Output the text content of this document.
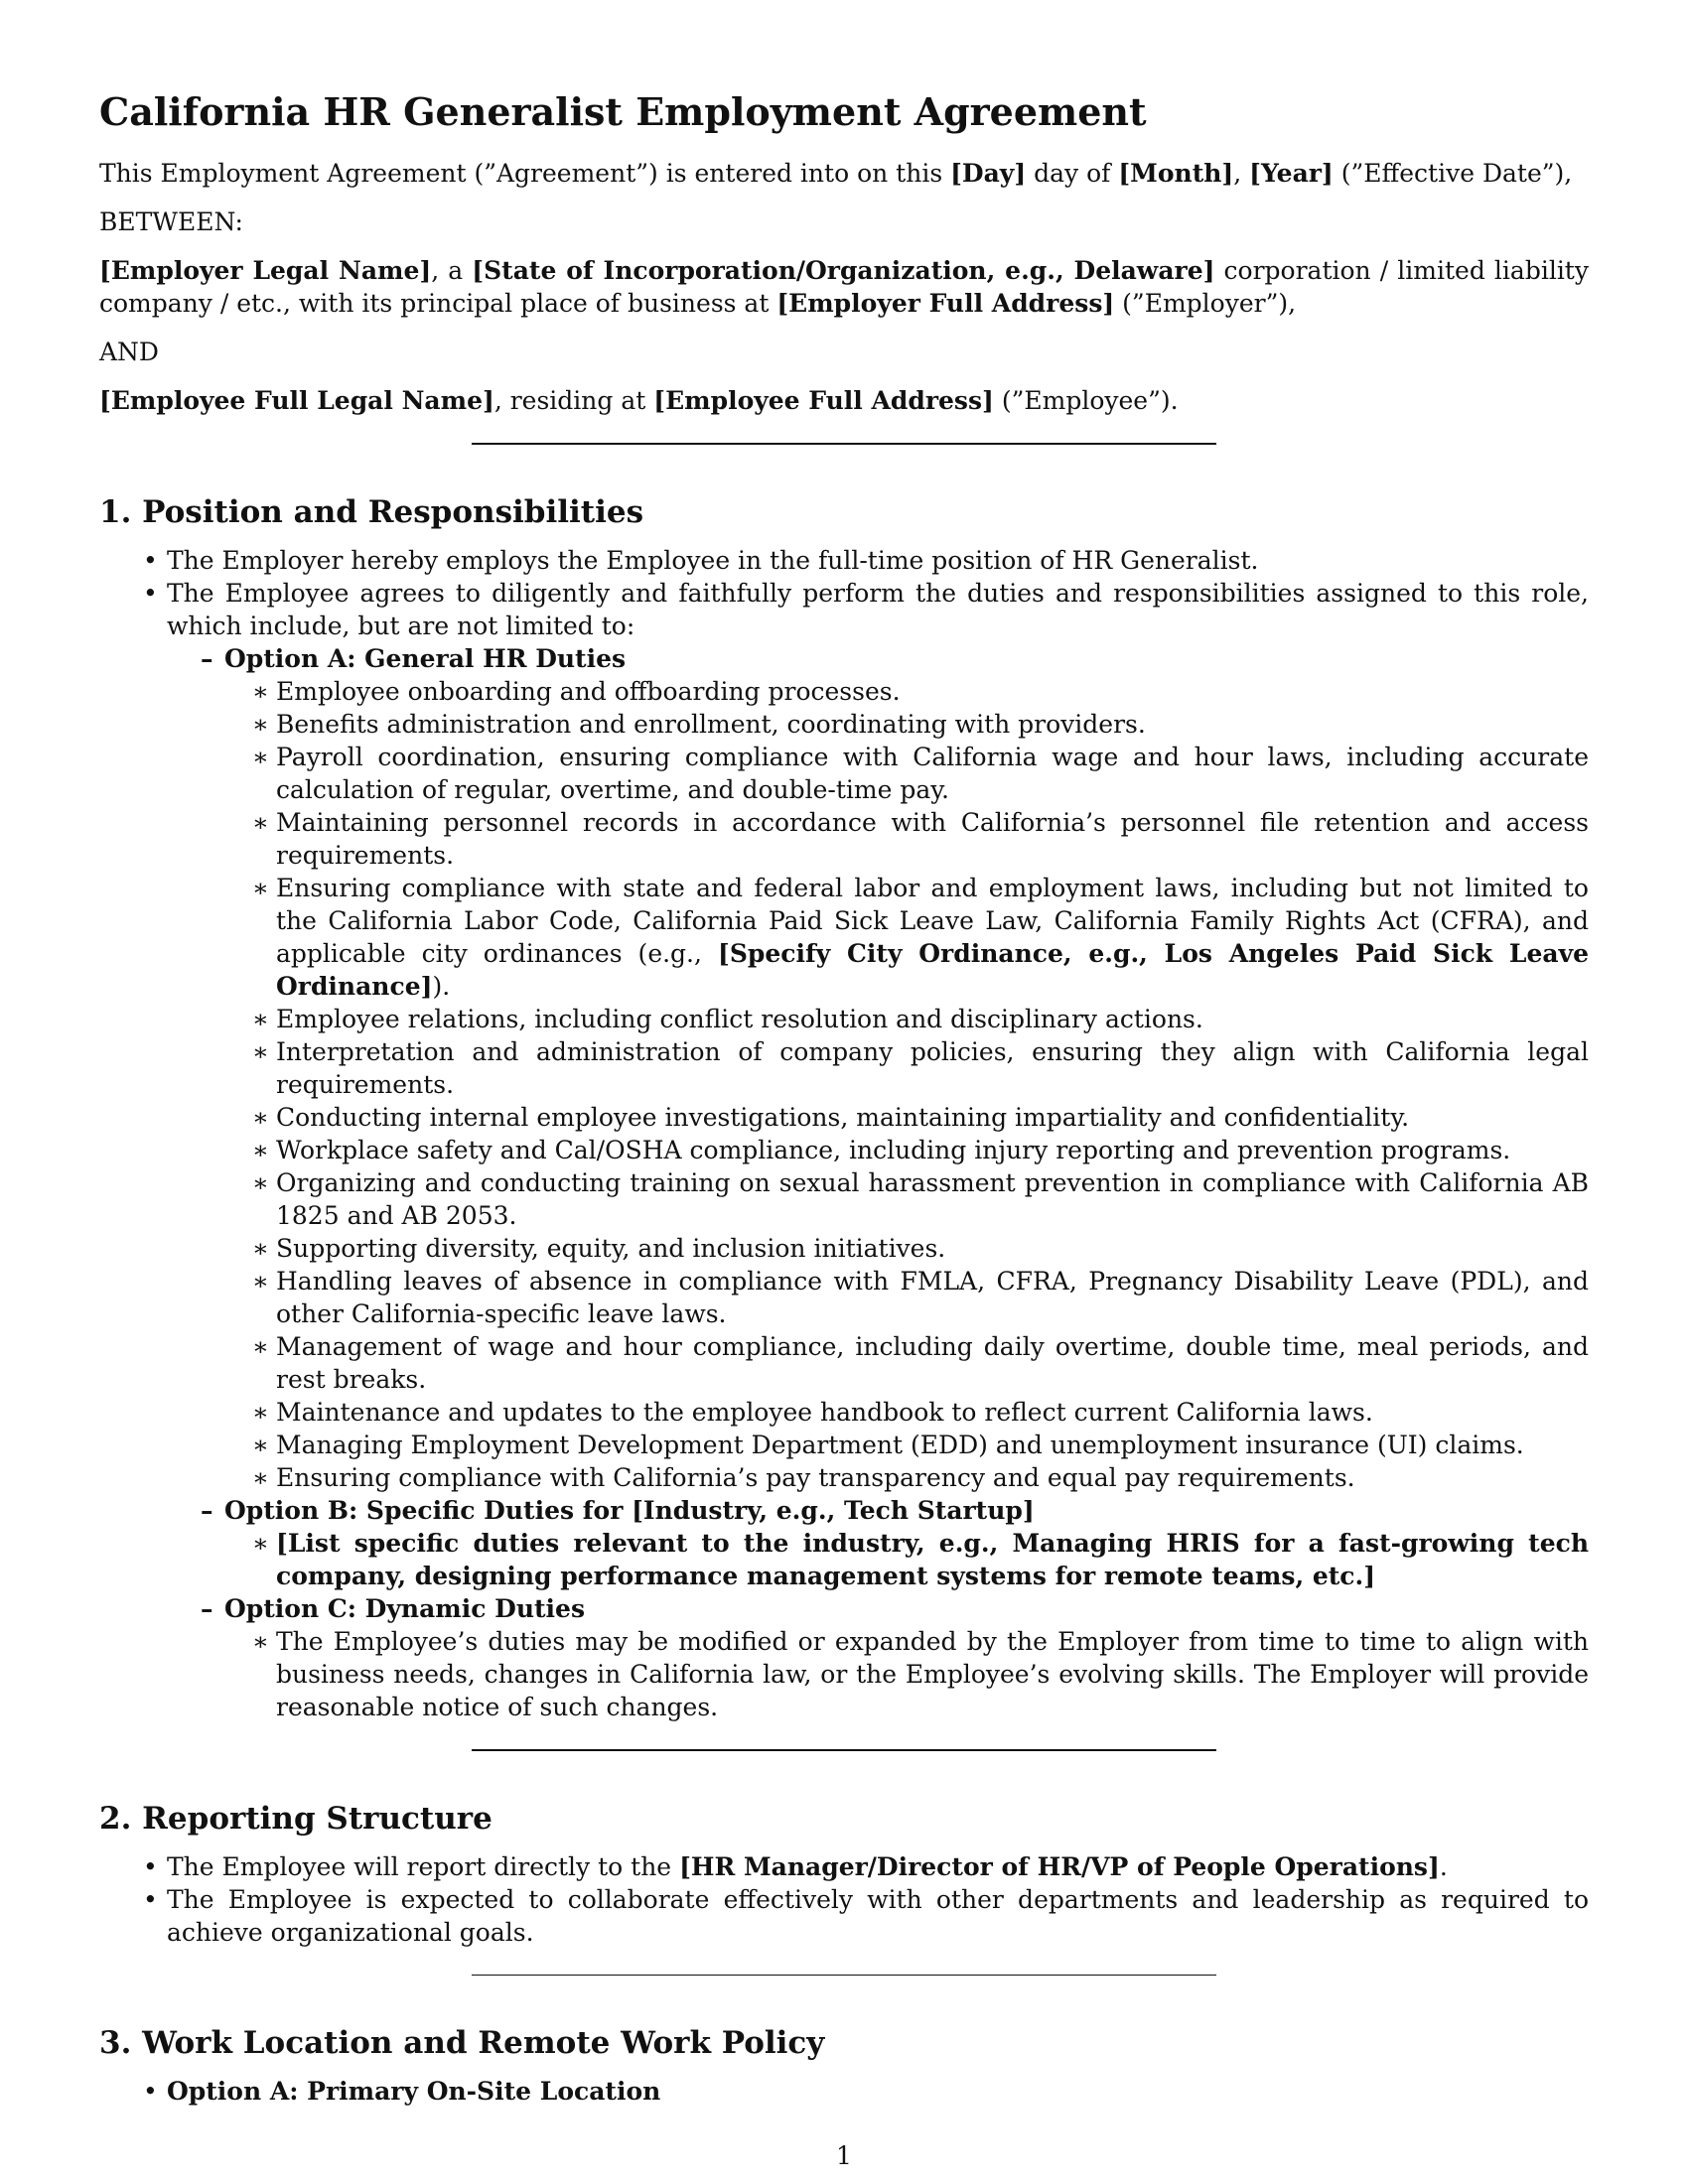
California HR Generalist Employment Agreement

This Employment Agreement (”Agreement”) is entered into on this [Day] day of [Month], [Year] (”Effective Date”),

BETWEEN:

[Employer Legal Name], a [State of Incorporation/Organization, e.g., Delaware] corporation / limited liability company / etc., with its principal place of business at [Employer Full Address] (”Employer”),

AND

[Employee Full Legal Name], residing at [Employee Full Address] (”Employee”).

1. Position and Responsibilities
• The Employer hereby employs the Employee in the full-time position of HR Generalist.
• The Employee agrees to diligently and faithfully perform the duties and responsibilities assigned to this role, which include, but are not limited to:
– Option A: General HR Duties
∗ Employee onboarding and offboarding processes.
∗ Benefits administration and enrollment, coordinating with providers.
∗ Payroll coordination, ensuring compliance with California wage and hour laws, including accurate calculation of regular, overtime, and double-time pay.
∗ Maintaining personnel records in accordance with California’s personnel file retention and access requirements.
∗ Ensuring compliance with state and federal labor and employment laws, including but not limited to the California Labor Code, California Paid Sick Leave Law, California Family Rights Act (CFRA), and applicable city ordinances (e.g., [Specify City Ordinance, e.g., Los Angeles Paid Sick Leave Ordinance]).
∗ Employee relations, including conflict resolution and disciplinary actions.
∗ Interpretation and administration of company policies, ensuring they align with California legal requirements.
∗ Conducting internal employee investigations, maintaining impartiality and confidentiality.
∗ Workplace safety and Cal/OSHA compliance, including injury reporting and prevention programs.
∗ Organizing and conducting training on sexual harassment prevention in compliance with California AB 1825 and AB 2053.
∗ Supporting diversity, equity, and inclusion initiatives.
∗ Handling leaves of absence in compliance with FMLA, CFRA, Pregnancy Disability Leave (PDL), and other California-specific leave laws.
∗ Management of wage and hour compliance, including daily overtime, double time, meal periods, and rest breaks.
∗ Maintenance and updates to the employee handbook to reflect current California laws.
∗ Managing Employment Development Department (EDD) and unemployment insurance (UI) claims.
∗ Ensuring compliance with California’s pay transparency and equal pay requirements.
– Option B: Specific Duties for [Industry, e.g., Tech Startup]
∗ [List specific duties relevant to the industry, e.g., Managing HRIS for a fast-growing tech company, designing performance management systems for remote teams, etc.]
– Option C: Dynamic Duties
∗ The Employee’s duties may be modified or expanded by the Employer from time to time to align with business needs, changes in California law, or the Employee’s evolving skills. The Employer will provide reasonable notice of such changes.
2. Reporting Structure
• The Employee will report directly to the [HR Manager/Director of HR/VP of People Operations].
• The Employee is expected to collaborate effectively with other departments and leadership as required to achieve organizational goals.
3. Work Location and Remote Work Policy
• Option A: Primary On-Site Location
1
